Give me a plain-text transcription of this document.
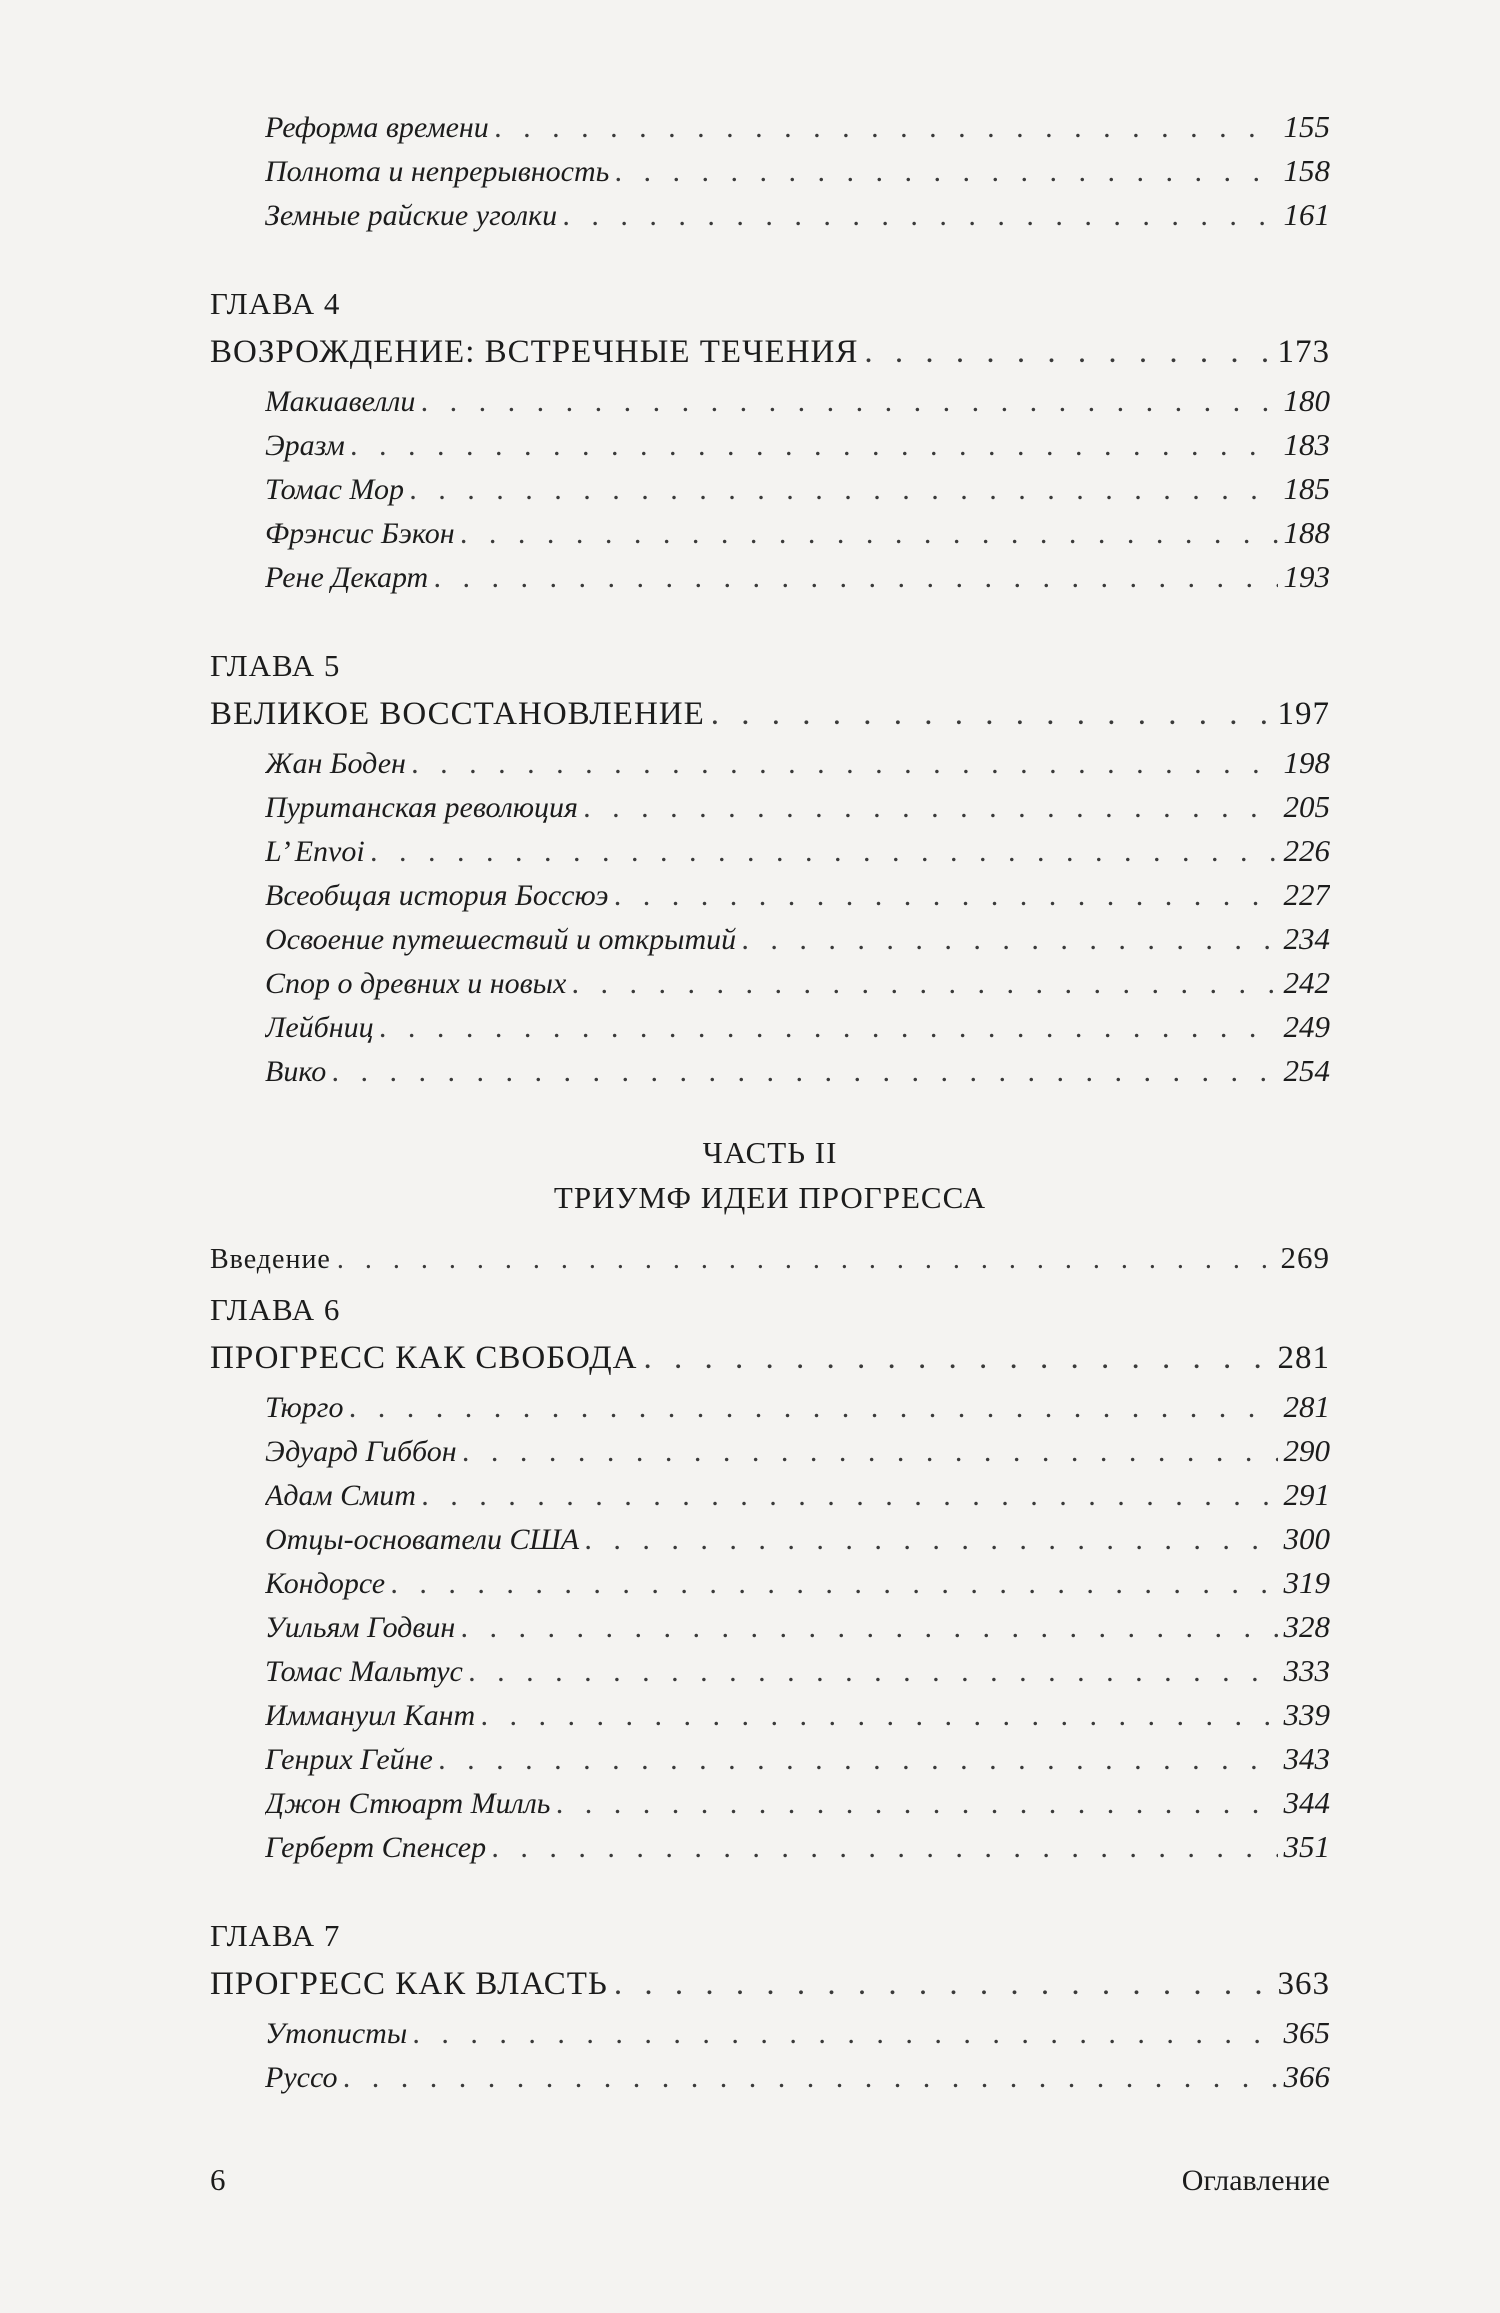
Реформа времени . . .	155
Полнота и непрерывность . . .	158
Земные райские уголки . . .	161
ГЛАВА 4
ВОЗРОЖДЕНИЕ: ВСТРЕЧНЫЕ ТЕЧЕНИЯ . . .	173
Макиавелли . . .	180
Эразм . . .	183
Томас Мор . . .	185
Фрэнсис Бэкон . . .	188
Рене Декарт . . .	193
ГЛАВА 5
ВЕЛИКОЕ ВОССТАНОВЛЕНИЕ . . .	197
Жан Боден . . .	198
Пуританская революция . . .	205
L’ Envoi . . .	226
Всеобщая история Боссюэ . . .	227
Освоение путешествий и открытий . . .	234
Спор о древних и новых . . .	242
Лейбниц . . .	249
Вико . . .	254
ЧАСТЬ II
ТРИУМФ ИДЕИ ПРОГРЕССА
Введение . . .	269
ГЛАВА 6
ПРОГРЕСС КАК СВОБОДА . . .	281
Тюрго . . .	281
Эдуард Гиббон . . .	290
Адам Смит . . .	291
Отцы-основатели США . . .	300
Кондорсе . . .	319
Уильям Годвин . . .	328
Томас Мальтус . . .	333
Иммануил Кант . . .	339
Генрих Гейне . . .	343
Джон Стюарт Милль . . .	344
Герберт Спенсер . . .	351
ГЛАВА 7
ПРОГРЕСС КАК ВЛАСТЬ . . .	363
Утописты . . .	365
Руссо . . .	366
6	Оглавление
